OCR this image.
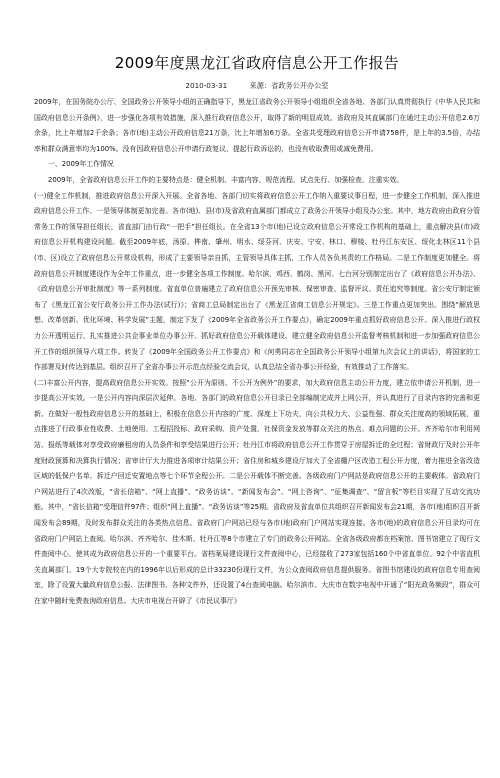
2009年度黑龙江省政府信息公开工作报告
2010-03-31	来源：省政务公开办公室

2009年，在国务院办公厅、全国政务公开领导小组的正确指导下，黑龙江省政务公开领导小组组织全省各地、各部门认真贯彻执行《中华人民共和国政府信息公开条例》，进一步强化各项有效措施，深入推行政府信息公开，取得了新的明显成效。省政府及其直属部门在通过主动公开信息2.6万余条，比上年增加2千余条；各市(地)主动公开政府信息21万条，比上年增加6万条。全省共受理政府信息公开申请758件，是上年的3.5倍，办结率和群众满意率均为100%。没有因政府信息公开申请行政复议、提起行政诉讼的，也没有收取费用或减免费用。

一、2009年工作情况

2009年，全省政府信息公开工作的主要特点是：健全机制、丰富内容、规范流程、试点先行、加强检查、注重实效。

(一)健全工作机制，推进政府信息公开深入开展。全省各地、各部门切实将政府信息公开工作纳入重要议事日程，进一步健全工作机制，深入推进政府信息公开工作。一是领导体制更加完善。各市(地)、县(市)及省政府直属部门都成立了政务公开领导小组及办公室。其中，地方政府由政府分管常务工作的领导担任组长，省直部门由行政“一把手”担任组长。在全省13个市(地)已设立政府信息公开常设工作机构的基础上，重点解决县(市)政府信息公开机构建设问题。截至2009年底，汤原、桦南、肇州、明水、绥芬河、庆安、宁安、林口、穆棱、牡丹江东安区、绥化北林区11个县(市、区)设立了政府信息公开常设机构，形成了主要领导亲自抓，主管领导具体主抓，工作人员各负其责的工作格局。二是工作制度更加健全。将政府信息公开制度建设作为全年工作重点，进一步健全各项工作制度。哈尔滨、鸡西、鹤岗、黑河、七台河分别制定出台了《政府信息公开办法》、《政府信息公开审批制度》等一系列制度。省直单位普遍建立了政府信息公开预先审核、保密审查、监督评议、责任追究等制度。省公安厅制定颁布了《黑龙江省公安厅政务公开工作办法(试行)》；省商工总局制定出台了《黑龙江省商工信息公开规定》。三是工作重点更加突出。围绕“解放思想、改革创新、优化环境、科学发展”主题，制定下发了《2009年全省政务公开工作要点》，确定2009年重点抓好政府信息公开、深入推进行政权力公开透明运行、扎实推进公共企事业单位办事公开、抓好政府信息公开载体建设、建立健全政府信息公开监督考核机制和进一步加强政府信息公开工作的组织领导六项工作。转发了《2009年全国政务公开工作要点》和《何勇同志在全国政务公开领导小组第九次会议上的讲话》，将国家的工作部署及时传达到基层。组织召开了全省办事公开示范点经验交流会议，认真总结全省办事公开经验，有效推动了工作落实。

(二)丰富公开内容，提高政府信息公开实效。按照“公开为原则、不公开为例外”的要求，加大政府信息主动公开力度，建立依申请公开机制，进一步提高公开实效。一是公开内容向深层次延伸。各地、各部门的政府信息公开目录已全部编制完成并上网公开，并认真进行了目录内容的完善和更新。在做好一般性政府信息公开的基础上，积极在信息公开内容的广度、深度上下功夫，向公共权力大、公益性强、群众关注度高的领域拓展，重点推进了行政事业性收费、土地使用、工程招投标、政府采购、资产处置、社保资金发放等群众关注的热点、难点问题的公开。齐齐哈尔市利用网站、报纸等载体对享受政府廉租房的人员条件和享受结果进行公开；牡丹江市将政府信息公开工作贯穿于房屋拆迁的全过程；省财政厅及时公开年度财政预算和决算执行情况；省审计厅大力推进各项审计结果公开；省住房和城乡建设厅加大了全省棚户区改造工程公开力度，着力推进全省改造区域的低保户名单、拆迁户回迁安置地点等七个环节全程公开。二是公开载体不断完善。各级政府门户网站是政府信息公开的主要载体。省政府门户网站进行了4次改版，“省长信箱”、“网上直播”、“政务访谈”、“新闻发布会”、“网上咨询”、“征集调查”、“留言板”等栏目实现了互动交流功能。其中，“省长信箱”受理信件97件；组织“网上直播”、“政务访谈”等25期。省政府及省直单位共组织召开新闻发布会21期，各市(地)组织召开新闻发布会89期，及时发布群众关注的各类热点信息。省政府门户网站已经与各市(地)政府门户网站实现连接。各市(地)的政府信息公开目录均可在省政府门户网站上查阅。哈尔滨、齐齐哈尔、佳木斯、牡丹江等8个市建立了专门的政务公开网站。全省各级政府都在档案馆、图书馆建立了现行文件查阅中心，使其成为政府信息公开的一个重要平台。省档案局建设现行文件查阅中心，已经接收了273家包括160个中省直单位、92个中省直机关直属部门、19个大专院校在内的1996年以后形成的总计33230份现行文件，为公众查阅政府信息提供服务。省图书馆建设的政府信息专用查阅室，除了设置大量政府信息公报、法律图书、各种文件外，还设置了4台查阅电脑。哈尔滨市、大庆市在数字电视中开通了“阳光政务频段”，群众可在家中随时免费查询政府信息。大庆市电视台开辟了《市民议事厅》
